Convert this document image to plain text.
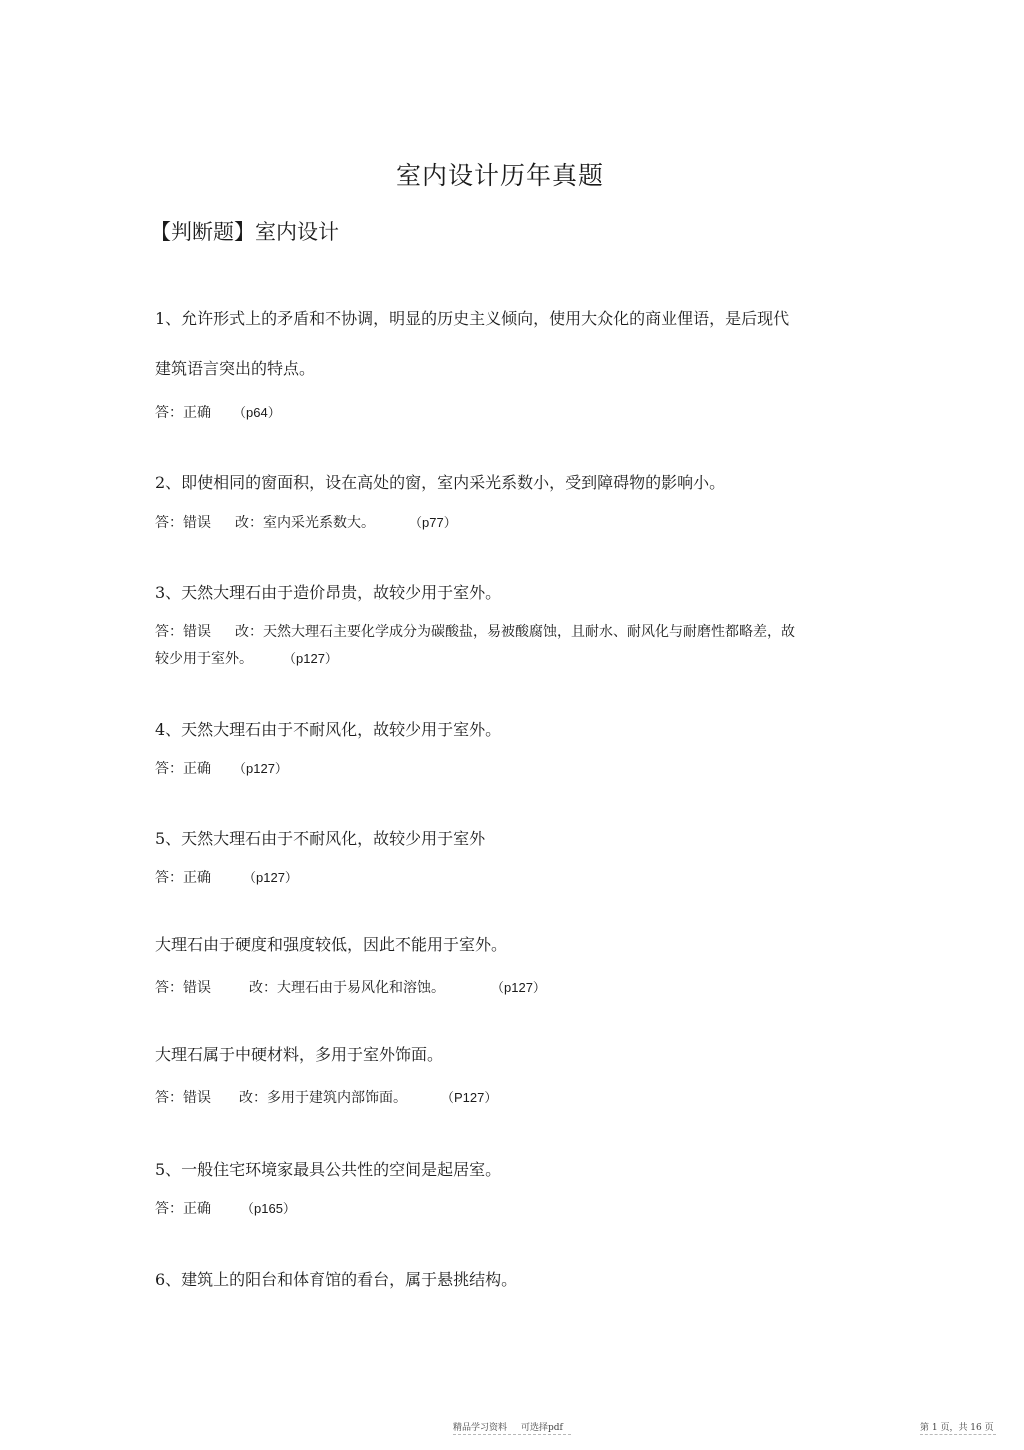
室内设计历年真题
【判断题】室内设计

1、允许形式上的矛盾和不协调，明显的历史主义倾向，使用大众化的商业俚语，是后现代

建筑语言突出的特点。

答：正确 （p64）

2、即使相同的窗面积，设在高处的窗，室内采光系数小，受到障碍物的影响小。

答：错误 改：室内采光系数大。	（p77）

3、天然大理石由于造价昂贵，故较少用于室外。

答：错误 改：天然大理石主要化学成分为碳酸盐，易被酸腐蚀，且耐水、耐风化与耐磨性都略差，故

较少用于室外。 （p127）

4、天然大理石由于不耐风化，故较少用于室外。

答：正确 （p127）

5、天然大理石由于不耐风化，故较少用于室外

答：正确 （p127）

大理石由于硬度和强度较低，因此不能用于室外。

答：错误	改：大理石由于易风化和溶蚀。	（p127）

大理石属于中硬材料，多用于室外饰面。

答：错误 改：多用于建筑内部饰面。	（P127）

5、一般住宅环境家最具公共性的空间是起居室。

答：正确 （p165）

6、建筑上的阳台和体育馆的看台，属于悬挑结构。

精品学习资料 可选择pdf	第 1 页，共 16 页
